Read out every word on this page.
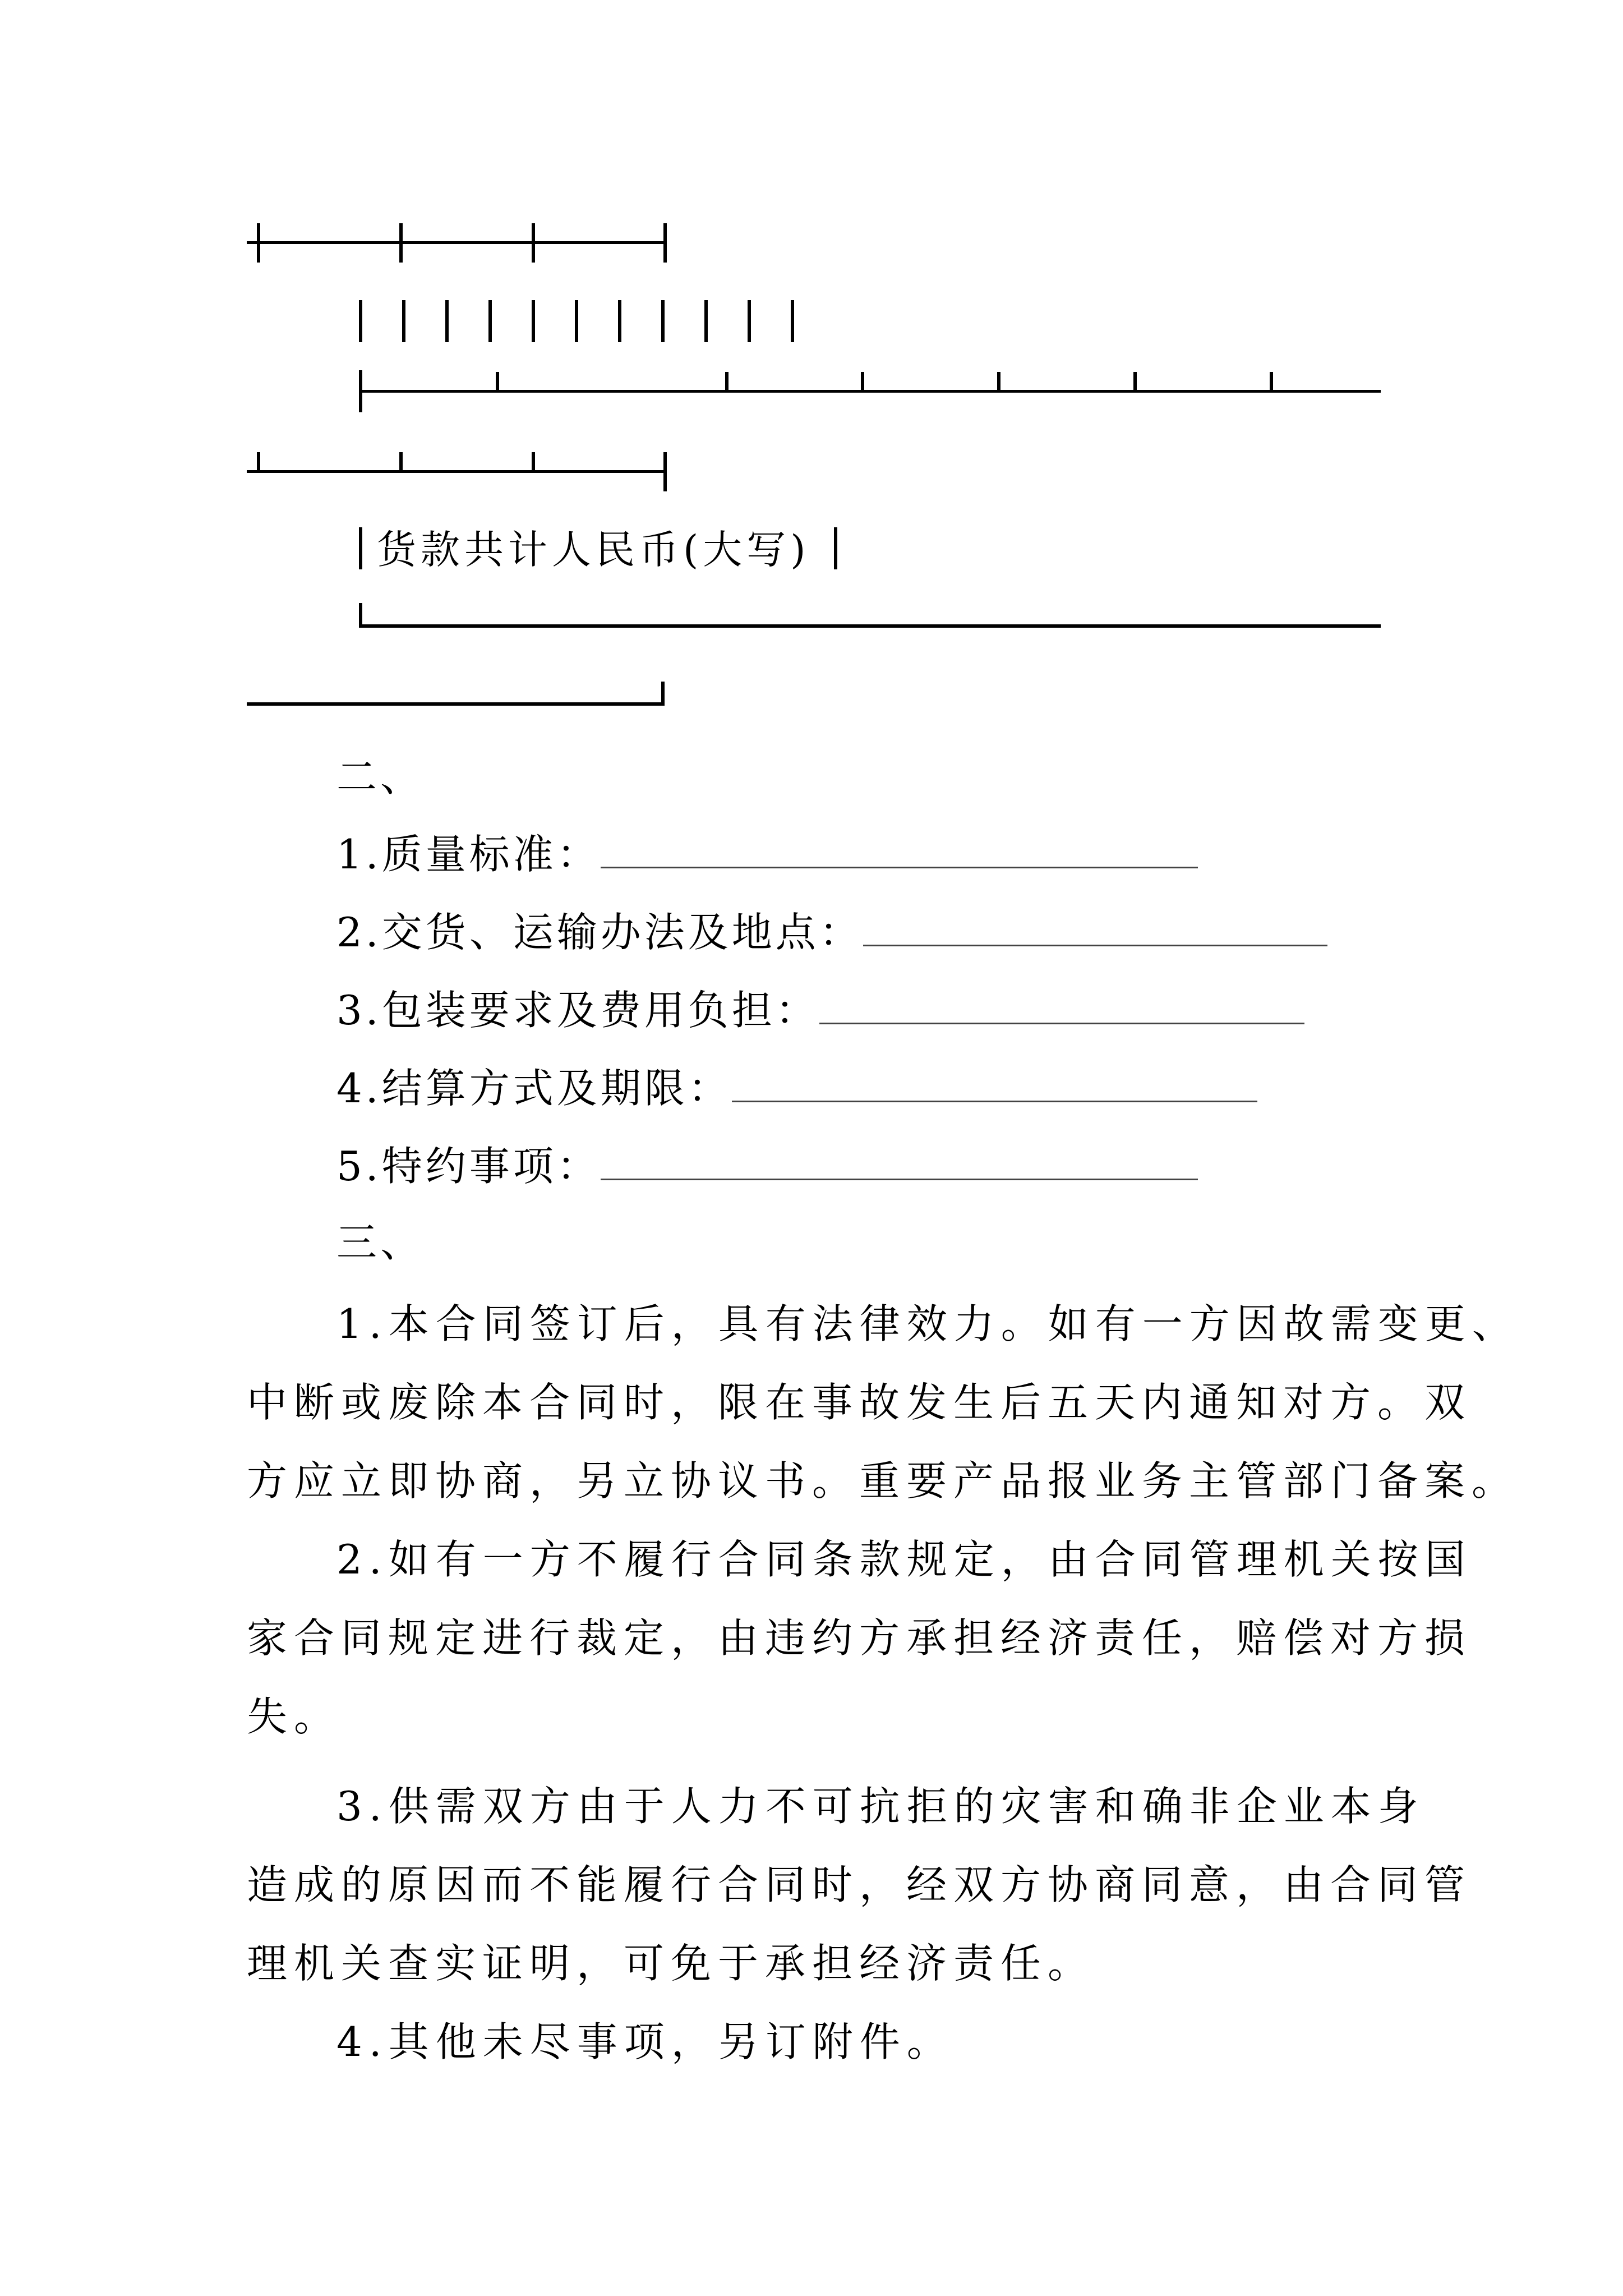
货款共计人民币(大写)
二、
1.质量标准：
2.交货、运输办法及地点：
3.包装要求及费用负担：
4.结算方式及期限：
5.特约事项：
三、
1.本合同签订后，具有法律效力。如有一方因故需变更、
中断或废除本合同时，限在事故发生后五天内通知对方。双
方应立即协商，另立协议书。重要产品报业务主管部门备案。
2.如有一方不履行合同条款规定，由合同管理机关按国
家合同规定进行裁定，由违约方承担经济责任，赔偿对方损
失。
3.供需双方由于人力不可抗拒的灾害和确非企业本身
造成的原因而不能履行合同时，经双方协商同意，由合同管
理机关查实证明，可免于承担经济责任。
4.其他未尽事项，另订附件。
